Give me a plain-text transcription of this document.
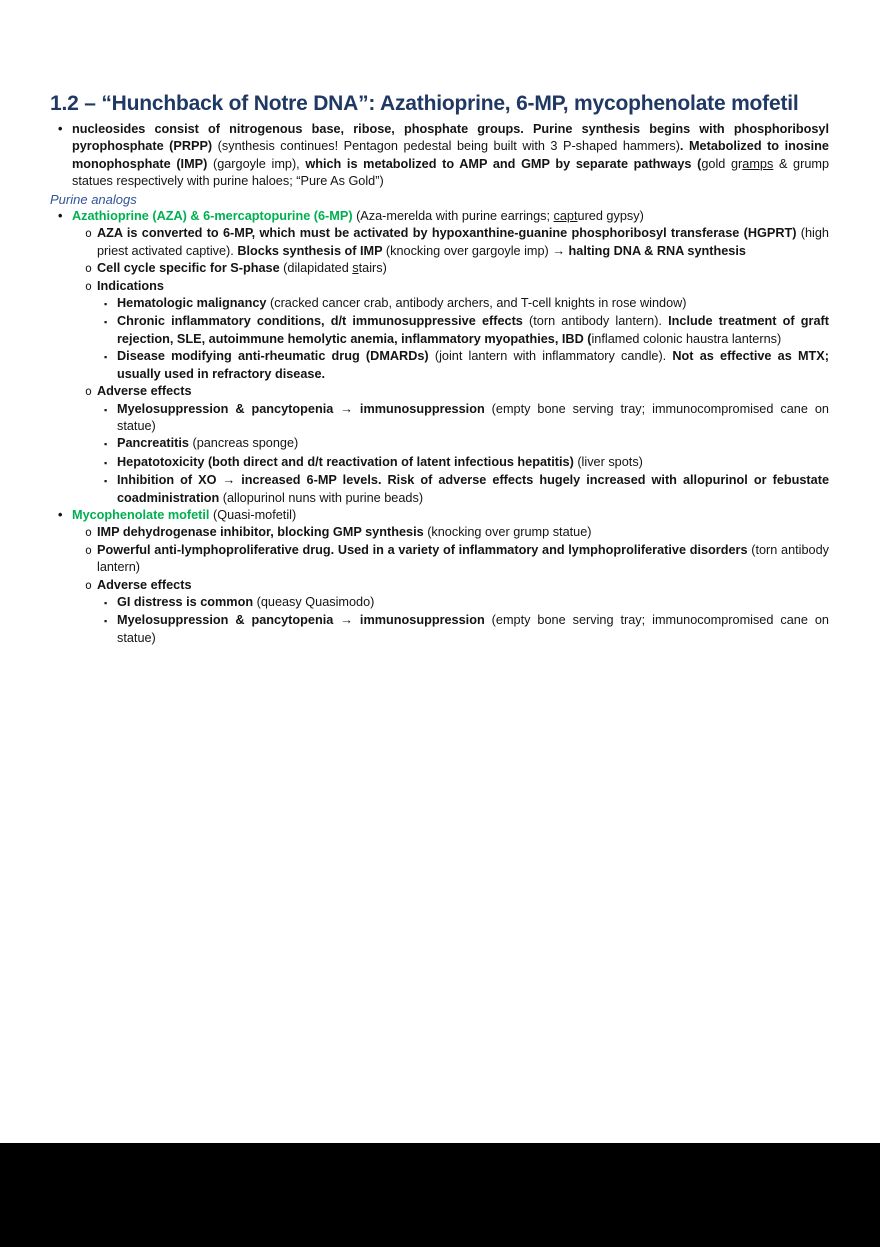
1.2 – “Hunchback of Notre DNA”: Azathioprine, 6-MP, mycophenolate mofetil
• nucleosides consist of nitrogenous base, ribose, phosphate groups. Purine synthesis begins with phosphoribosyl pyrophosphate (PRPP) (synthesis continues! Pentagon pedestal being built with 3 P-shaped hammers). Metabolized to inosine monophosphate (IMP) (gargoyle imp), which is metabolized to AMP and GMP by separate pathways (gold gramps & grump statues respectively with purine haloes; “Pure As Gold”)
Purine analogs
• Azathioprine (AZA) & 6-mercaptopurine (6-MP) (Aza-merelda with purine earrings; captured gypsy)
o AZA is converted to 6-MP, which must be activated by hypoxanthine-guanine phosphoribosyl transferase (HGPRT) (high priest activated captive). Blocks synthesis of IMP (knocking over gargoyle imp) → halting DNA & RNA synthesis
o Cell cycle specific for S-phase (dilapidated stairs)
o Indications
▪ Hematologic malignancy (cracked cancer crab, antibody archers, and T-cell knights in rose window)
▪ Chronic inflammatory conditions, d/t immunosuppressive effects (torn antibody lantern). Include treatment of graft rejection, SLE, autoimmune hemolytic anemia, inflammatory myopathies, IBD (inflamed colonic haustra lanterns)
▪ Disease modifying anti-rheumatic drug (DMARDs) (joint lantern with inflammatory candle). Not as effective as MTX; usually used in refractory disease.
o Adverse effects
▪ Myelosuppression & pancytopenia → immunosuppression (empty bone serving tray; immunocompromised cane on statue)
▪ Pancreatitis (pancreas sponge)
▪ Hepatotoxicity (both direct and d/t reactivation of latent infectious hepatitis) (liver spots)
▪ Inhibition of XO → increased 6-MP levels. Risk of adverse effects hugely increased with allopurinol or febustate coadministration (allopurinol nuns with purine beads)
• Mycophenolate mofetil (Quasi-mofetil)
o IMP dehydrogenase inhibitor, blocking GMP synthesis (knocking over grump statue)
o Powerful anti-lymphoproliferative drug. Used in a variety of inflammatory and lymphoproliferative disorders (torn antibody lantern)
o Adverse effects
▪ GI distress is common (queasy Quasimodo)
▪ Myelosuppression & pancytopenia → immunosuppression (empty bone serving tray; immunocompromised cane on statue)
